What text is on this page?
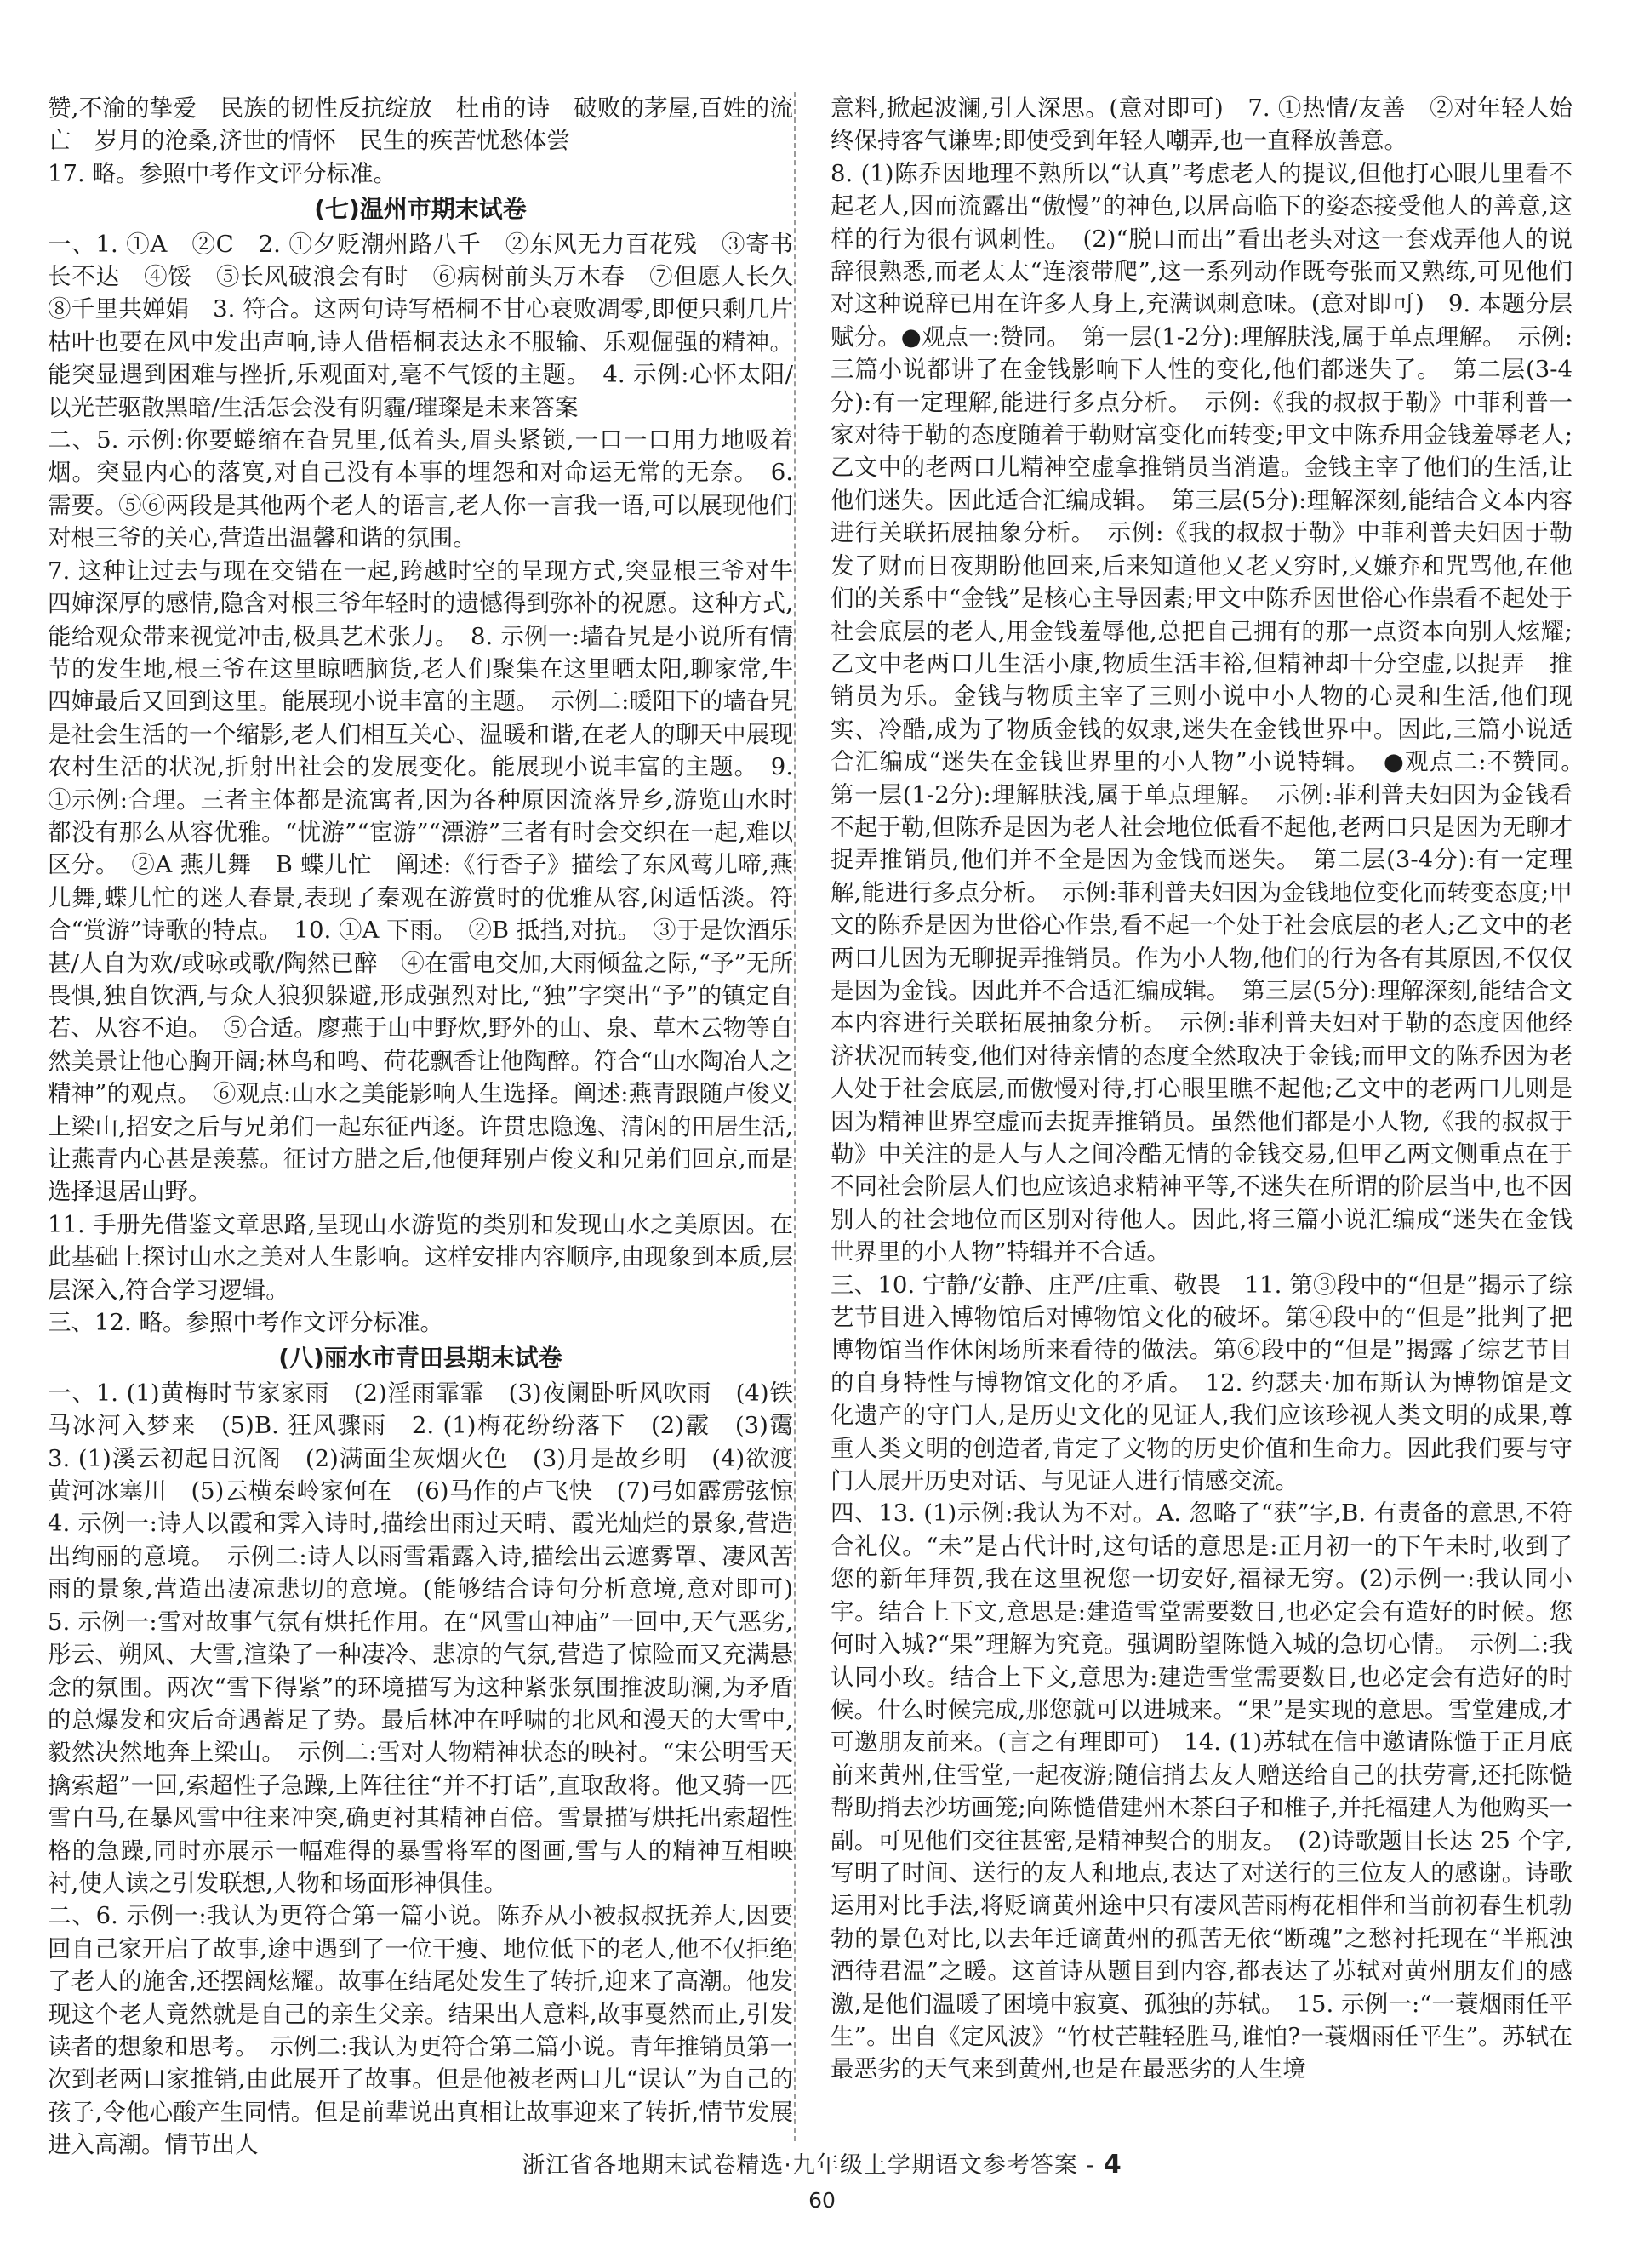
赞,不渝的挚爱　民族的韧性反抗绽放　杜甫的诗　破败的茅屋,百姓的流亡　岁月的沧桑,济世的情怀　民生的疾苦忧愁体尝

17. 略。参照中考作文评分标准。

(七)温州市期末试卷

一、1. ①A　②C　2. ①夕贬潮州路八千　②东风无力百花残　③寄书长不达　④馁　⑤长风破浪会有时　⑥病树前头万木春　⑦但愿人长久　⑧千里共婵娟　3. 符合。这两句诗写梧桐不甘心衰败凋零,即便只剩几片枯叶也要在风中发出声响,诗人借梧桐表达永不服输、乐观倔强的精神。能突显遇到困难与挫折,乐观面对,毫不气馁的主题。　4. 示例:心怀太阳/以光芒驱散黑暗/生活怎会没有阴霾/璀璨是未来答案

二、5. 示例:你要蜷缩在旮旯里,低着头,眉头紧锁,一口一口用力地吸着烟。突显内心的落寞,对自己没有本事的埋怨和对命运无常的无奈。　6. 需要。⑤⑥两段是其他两个老人的语言,老人你一言我一语,可以展现他们对根三爷的关心,营造出温馨和谐的氛围。

7. 这种让过去与现在交错在一起,跨越时空的呈现方式,突显根三爷对牛四婶深厚的感情,隐含对根三爷年轻时的遗憾得到弥补的祝愿。这种方式,能给观众带来视觉冲击,极具艺术张力。　8. 示例一:墙旮旯是小说所有情节的发生地,根三爷在这里晾晒脑货,老人们聚集在这里晒太阳,聊家常,牛四婶最后又回到这里。能展现小说丰富的主题。　示例二:暖阳下的墙旮旯是社会生活的一个缩影,老人们相互关心、温暖和谐,在老人的聊天中展现农村生活的状况,折射出社会的发展变化。能展现小说丰富的主题。　9. ①示例:合理。三者主体都是流寓者,因为各种原因流落异乡,游览山水时都没有那么从容优雅。“忧游”“宦游”“漂游”三者有时会交织在一起,难以区分。　②A 燕儿舞　B 蝶儿忙　阐述:《行香子》描绘了东风莺儿啼,燕儿舞,蝶儿忙的迷人春景,表现了秦观在游赏时的优雅从容,闲适恬淡。符合“赏游”诗歌的特点。　10. ①A 下雨。　②B 抵挡,对抗。　③于是饮酒乐甚/人自为欢/或咏或歌/陶然已醉　④在雷电交加,大雨倾盆之际,“予”无所畏惧,独自饮酒,与众人狼狈躲避,形成强烈对比,“独”字突出“予”的镇定自若、从容不迫。　⑤合适。廖燕于山中野炊,野外的山、泉、草木云物等自然美景让他心胸开阔;林鸟和鸣、荷花飘香让他陶醉。符合“山水陶冶人之精神”的观点。　⑥观点:山水之美能影响人生选择。阐述:燕青跟随卢俊义上梁山,招安之后与兄弟们一起东征西逐。许贯忠隐逸、清闲的田居生活,让燕青内心甚是羡慕。征讨方腊之后,他便拜别卢俊义和兄弟们回京,而是选择退居山野。

11. 手册先借鉴文章思路,呈现山水游览的类别和发现山水之美原因。在此基础上探讨山水之美对人生影响。这样安排内容顺序,由现象到本质,层层深入,符合学习逻辑。

三、12. 略。参照中考作文评分标准。

(八)丽水市青田县期末试卷

一、1. (1)黄梅时节家家雨　(2)淫雨霏霏　(3)夜阑卧听风吹雨　(4)铁马冰河入梦来　(5)B. 狂风骤雨　2. (1)梅花纷纷落下　(2)霰　(3)霭　3. (1)溪云初起日沉阁　(2)满面尘灰烟火色　(3)月是故乡明　(4)欲渡黄河冰塞川　(5)云横秦岭家何在　(6)马作的卢飞快　(7)弓如霹雳弦惊　4. 示例一:诗人以霞和霁入诗时,描绘出雨过天晴、霞光灿烂的景象,营造出绚丽的意境。　示例二:诗人以雨雪霜露入诗,描绘出云遮雾罩、凄风苦雨的景象,营造出凄凉悲切的意境。(能够结合诗句分析意境,意对即可)　5. 示例一:雪对故事气氛有烘托作用。在“风雪山神庙”一回中,天气恶劣,彤云、朔风、大雪,渲染了一种凄冷、悲凉的气氛,营造了惊险而又充满悬念的氛围。两次“雪下得紧”的环境描写为这种紧张氛围推波助澜,为矛盾的总爆发和灾后奇遇蓄足了势。最后林冲在呼啸的北风和漫天的大雪中,毅然决然地奔上梁山。　示例二:雪对人物精神状态的映衬。“宋公明雪天擒索超”一回,索超性子急躁,上阵往往“并不打话”,直取敌将。他又骑一匹雪白马,在暴风雪中往来冲突,确更衬其精神百倍。雪景描写烘托出索超性格的急躁,同时亦展示一幅难得的暴雪将军的图画,雪与人的精神互相映衬,使人读之引发联想,人物和场面形神俱佳。

二、6. 示例一:我认为更符合第一篇小说。陈乔从小被叔叔抚养大,因要回自己家开启了故事,途中遇到了一位干瘦、地位低下的老人,他不仅拒绝了老人的施舍,还摆阔炫耀。故事在结尾处发生了转折,迎来了高潮。他发现这个老人竟然就是自己的亲生父亲。结果出人意料,故事戛然而止,引发读者的想象和思考。　示例二:我认为更符合第二篇小说。青年推销员第一次到老两口家推销,由此展开了故事。但是他被老两口儿“误认”为自己的孩子,令他心酸产生同情。但是前辈说出真相让故事迎来了转折,情节发展进入高潮。情节出人

意料,掀起波澜,引人深思。(意对即可)　7. ①热情/友善　②对年轻人始终保持客气谦卑;即使受到年轻人嘲弄,也一直释放善意。

8. (1)陈乔因地理不熟所以“认真”考虑老人的提议,但他打心眼儿里看不起老人,因而流露出“傲慢”的神色,以居高临下的姿态接受他人的善意,这样的行为很有讽刺性。　(2)“脱口而出”看出老头对这一套戏弄他人的说辞很熟悉,而老太太“连滚带爬”,这一系列动作既夸张而又熟练,可见他们对这种说辞已用在许多人身上,充满讽刺意味。(意对即可)　9. 本题分层赋分。●观点一:赞同。　第一层(1-2分):理解肤浅,属于单点理解。　示例:三篇小说都讲了在金钱影响下人性的变化,他们都迷失了。　第二层(3-4分):有一定理解,能进行多点分析。　示例:《我的叔叔于勒》中菲利普一家对待于勒的态度随着于勒财富变化而转变;甲文中陈乔用金钱羞辱老人;乙文中的老两口儿精神空虚拿推销员当消遣。金钱主宰了他们的生活,让他们迷失。因此适合汇编成辑。　第三层(5分):理解深刻,能结合文本内容进行关联拓展抽象分析。　示例:《我的叔叔于勒》中菲利普夫妇因于勒发了财而日夜期盼他回来,后来知道他又老又穷时,又嫌弃和咒骂他,在他们的关系中“金钱”是核心主导因素;甲文中陈乔因世俗心作祟看不起处于社会底层的老人,用金钱羞辱他,总把自己拥有的那一点资本向别人炫耀;乙文中老两口儿生活小康,物质生活丰裕,但精神却十分空虚,以捉弄　推销员为乐。金钱与物质主宰了三则小说中小人物的心灵和生活,他们现实、冷酷,成为了物质金钱的奴隶,迷失在金钱世界中。因此,三篇小说适合汇编成“迷失在金钱世界里的小人物”小说特辑。　●观点二:不赞同。　第一层(1-2分):理解肤浅,属于单点理解。　示例:菲利普夫妇因为金钱看不起于勒,但陈乔是因为老人社会地位低看不起他,老两口只是因为无聊才捉弄推销员,他们并不全是因为金钱而迷失。　第二层(3-4分):有一定理解,能进行多点分析。　示例:菲利普夫妇因为金钱地位变化而转变态度;甲文的陈乔是因为世俗心作祟,看不起一个处于社会底层的老人;乙文中的老两口儿因为无聊捉弄推销员。作为小人物,他们的行为各有其原因,不仅仅是因为金钱。因此并不合适汇编成辑。　第三层(5分):理解深刻,能结合文本内容进行关联拓展抽象分析。　示例:菲利普夫妇对于勒的态度因他经济状况而转变,他们对待亲情的态度全然取决于金钱;而甲文的陈乔因为老人处于社会底层,而傲慢对待,打心眼里瞧不起他;乙文中的老两口儿则是因为精神世界空虚而去捉弄推销员。虽然他们都是小人物,《我的叔叔于勒》中关注的是人与人之间冷酷无情的金钱交易,但甲乙两文侧重点在于不同社会阶层人们也应该追求精神平等,不迷失在所谓的阶层当中,也不因别人的社会地位而区别对待他人。因此,将三篇小说汇编成“迷失在金钱世界里的小人物”特辑并不合适。

三、10. 宁静/安静、庄严/庄重、敬畏　11. 第③段中的“但是”揭示了综艺节目进入博物馆后对博物馆文化的破坏。第④段中的“但是”批判了把博物馆当作休闲场所来看待的做法。第⑥段中的“但是”揭露了综艺节目的自身特性与博物馆文化的矛盾。　12. 约瑟夫·加布斯认为博物馆是文化遗产的守门人,是历史文化的见证人,我们应该珍视人类文明的成果,尊重人类文明的创造者,肯定了文物的历史价值和生命力。因此我们要与守门人展开历史对话、与见证人进行情感交流。

四、13. (1)示例:我认为不对。A. 忽略了“获”字,B. 有责备的意思,不符合礼仪。“未”是古代计时,这句话的意思是:正月初一的下午未时,收到了您的新年拜贺,我在这里祝您一切安好,福禄无穷。(2)示例一:我认同小宇。结合上下文,意思是:建造雪堂需要数日,也必定会有造好的时候。您何时入城?“果”理解为究竟。强调盼望陈慥入城的急切心情。　示例二:我认同小玫。结合上下文,意思为:建造雪堂需要数日,也必定会有造好的时候。什么时候完成,那您就可以进城来。“果”是实现的意思。雪堂建成,才可邀朋友前来。(言之有理即可)　14. (1)苏轼在信中邀请陈慥于正月底前来黄州,住雪堂,一起夜游;随信捎去友人赠送给自己的扶劳膏,还托陈慥帮助捎去沙坊画笼;向陈慥借建州木茶臼子和椎子,并托福建人为他购买一副。可见他们交往甚密,是精神契合的朋友。　(2)诗歌题目长达 25 个字,写明了时间、送行的友人和地点,表达了对送行的三位友人的感谢。诗歌运用对比手法,将贬谪黄州途中只有凄风苦雨梅花相伴和当前初春生机勃勃的景色对比,以去年迁谪黄州的孤苦无依“断魂”之愁衬托现在“半瓶浊酒待君温”之暖。这首诗从题目到内容,都表达了苏轼对黄州朋友们的感激,是他们温暖了困境中寂寞、孤独的苏轼。　15. 示例一:“一蓑烟雨任平生”。出自《定风波》“竹杖芒鞋轻胜马,谁怕?一蓑烟雨任平生”。苏轼在最恶劣的天气来到黄州,也是在最恶劣的人生境

浙江省各地期末试卷精选·九年级上学期语文参考答案 - 4
60
